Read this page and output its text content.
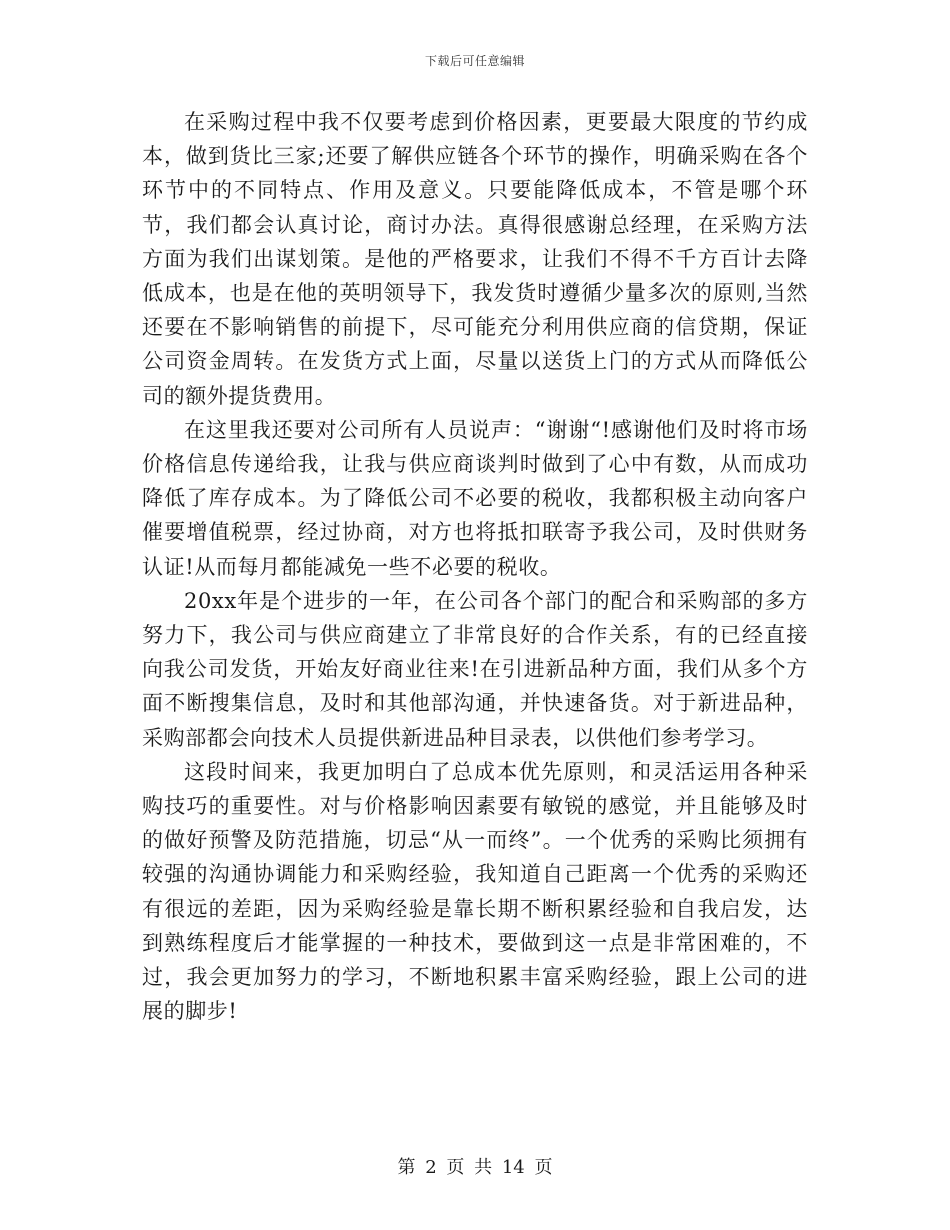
下载后可任意编辑

在采购过程中我不仅要考虑到价格因素，更要最大限度的节约成本，做到货比三家;还要了解供应链各个环节的操作，明确采购在各个环节中的不同特点、作用及意义。只要能降低成本，不管是哪个环节，我们都会认真讨论，商讨办法。真得很感谢总经理，在采购方法方面为我们出谋划策。是他的严格要求，让我们不得不千方百计去降低成本，也是在他的英明领导下，我发货时遵循少量多次的原则,当然还要在不影响销售的前提下，尽可能充分利用供应商的信贷期，保证公司资金周转。在发货方式上面，尽量以送货上门的方式从而降低公司的额外提货费用。

在这里我还要对公司所有人员说声：“谢谢“!感谢他们及时将市场价格信息传递给我，让我与供应商谈判时做到了心中有数，从而成功降低了库存成本。为了降低公司不必要的税收，我都积极主动向客户催要增值税票，经过协商，对方也将抵扣联寄予我公司，及时供财务认证!从而每月都能减免一些不必要的税收。

20xx年是个进步的一年，在公司各个部门的配合和采购部的多方努力下，我公司与供应商建立了非常良好的合作关系，有的已经直接向我公司发货，开始友好商业往来!在引进新品种方面，我们从多个方面不断搜集信息，及时和其他部沟通，并快速备货。对于新进品种，采购部都会向技术人员提供新进品种目录表，以供他们参考学习。

这段时间来，我更加明白了总成本优先原则，和灵活运用各种采购技巧的重要性。对与价格影响因素要有敏锐的感觉，并且能够及时的做好预警及防范措施，切忌“从一而终”。一个优秀的采购比须拥有较强的沟通协调能力和采购经验，我知道自己距离一个优秀的采购还有很远的差距，因为采购经验是靠长期不断积累经验和自我启发，达到熟练程度后才能掌握的一种技术，要做到这一点是非常困难的，不过，我会更加努力的学习，不断地积累丰富采购经验，跟上公司的进展的脚步!

第 2 页 共 14 页
